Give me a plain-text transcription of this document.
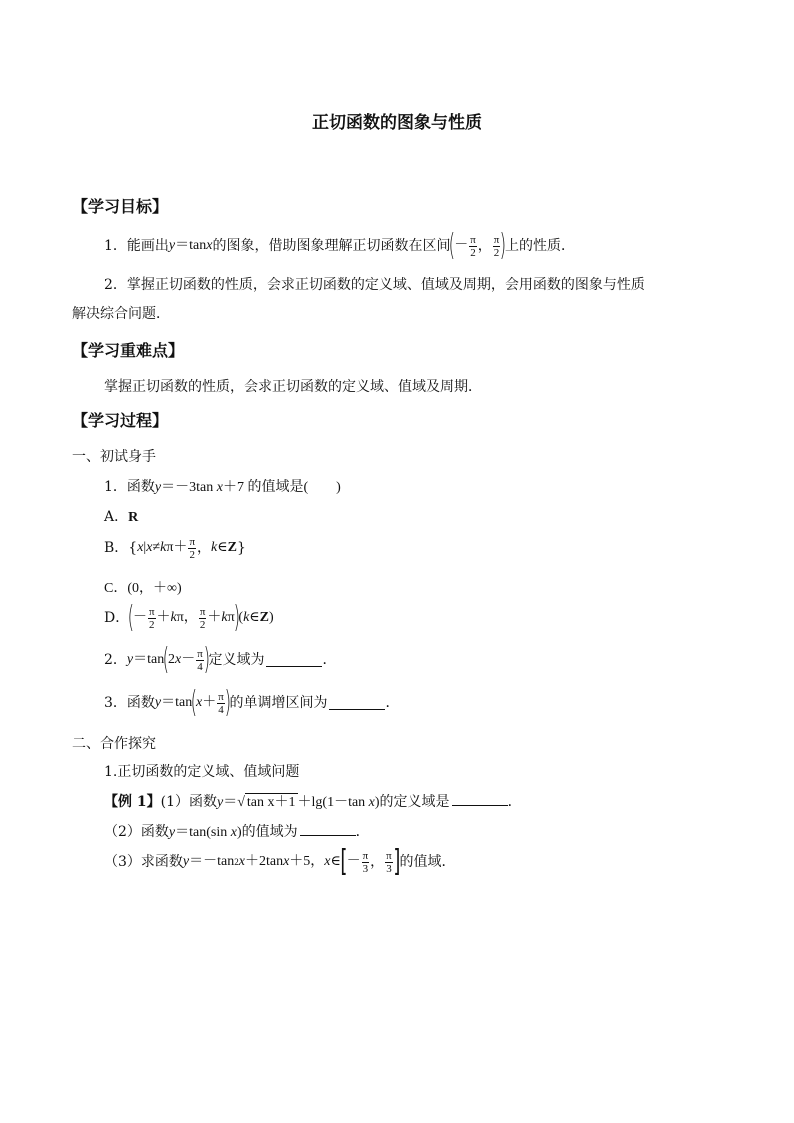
正切函数的图象与性质
【学习目标】
1．能画出 y ＝tan x 的图象，借助图象理解正切函数在区间
(
－ $\frac{\pi}{2}$ ， $\frac{\pi}{2}$ )
上的性质．
2．掌握正切函数的性质，会求正切函数的定义域、值域及周期，会用函数的图象与性质
解决综合问题．
【学习重难点】
掌握正切函数的性质，会求正切函数的定义域、值域及周期．
【学习过程】
一、初试身手
1．函数y＝－3tan x＋7 的值域是(　　)
A．R
B．{ x | x ≠ k $\pi+ \frac{\pi}{2}$ ， k ∈ Z }
C．(0，＋∞)
D．
(
－ $\frac{\pi}{2} + k$ π， $\frac{\pi}{2} + k$ π
)
( k ∈ Z )
2． y ＝tan
(
2 $x - \frac{\pi}{4}$ )
定义域为	．
3．函数 y ＝tan
(
$x + \frac{\pi}{4}$ )
的单调增区间为	．
二、合作探究
1.正切函数的定义域、值域问题
【例 1】(1）函数y＝√ tan x＋1 ＋lg(1－tan x)的定义域是	．
（2）函数y＝tan(sin x)的值域为	．
（3）求函数 y ＝－tan 2 x ＋2tan x ＋5， x ∈ [ － $\frac{\pi}{3}$ ， $\frac{\pi}{3}$ ] 的值域．
